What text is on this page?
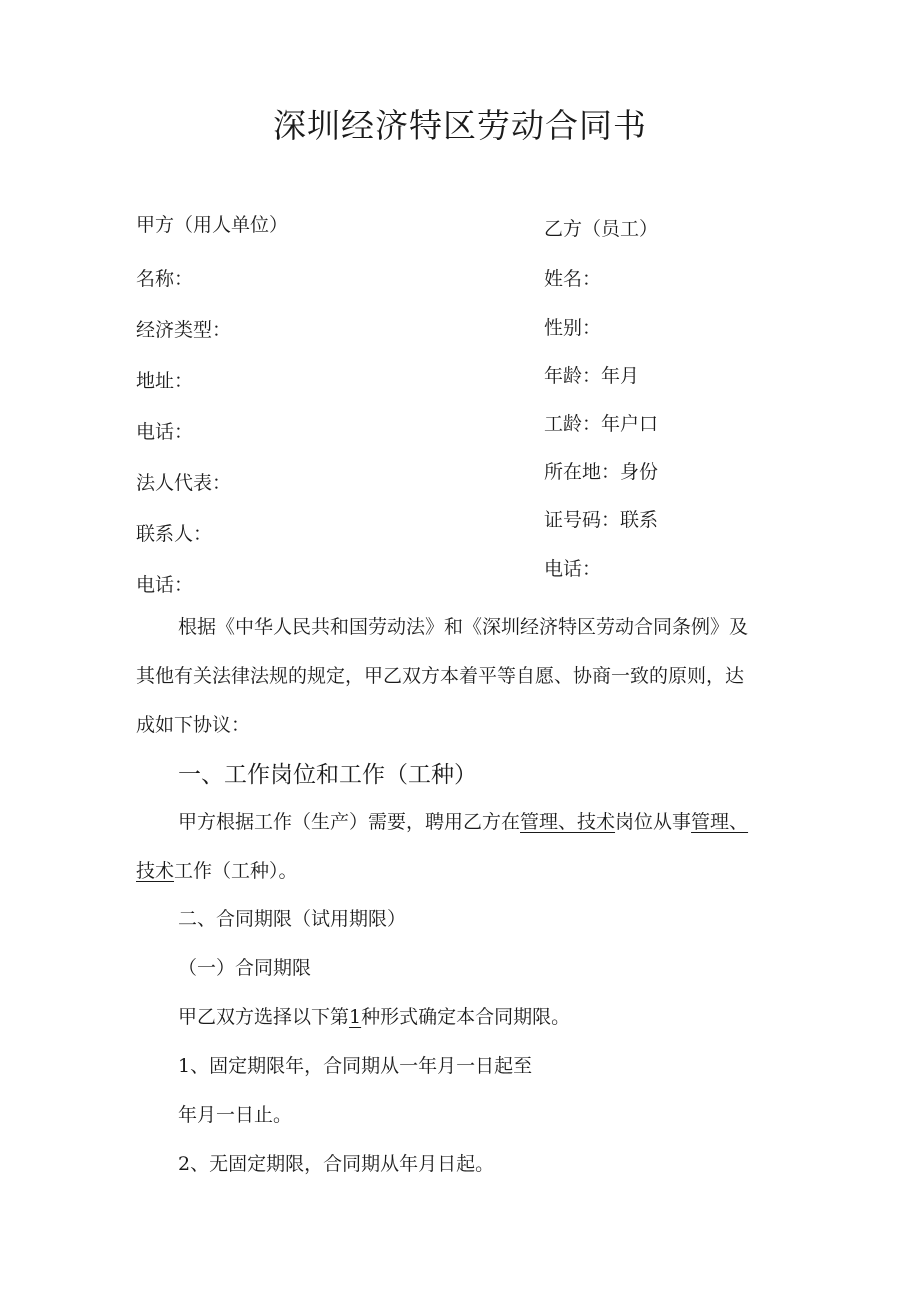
深圳经济特区劳动合同书
甲方（用人单位）
名称：
经济类型：
地址：
电话：
法人代表：
联系人：
电话：
乙方（员工）
姓名：
性别：
年龄：年月
工龄：年户口
所在地：身份
证号码：联系
电话：
根据《中华人民共和国劳动法》和《深圳经济特区劳动合同条例》及
其他有关法律法规的规定，甲乙双方本着平等自愿、协商一致的原则，达
成如下协议：
一、工作岗位和工作（工种）
甲方根据工作（生产）需要，聘用乙方在管理、技术岗位从事管理、
技术工作（工种）。
二、合同期限（试用期限）
（一）合同期限
甲乙双方选择以下第1种形式确定本合同期限。
1、固定期限年，合同期从一年月一日起至
年月一日止。
2、无固定期限，合同期从年月日起。
